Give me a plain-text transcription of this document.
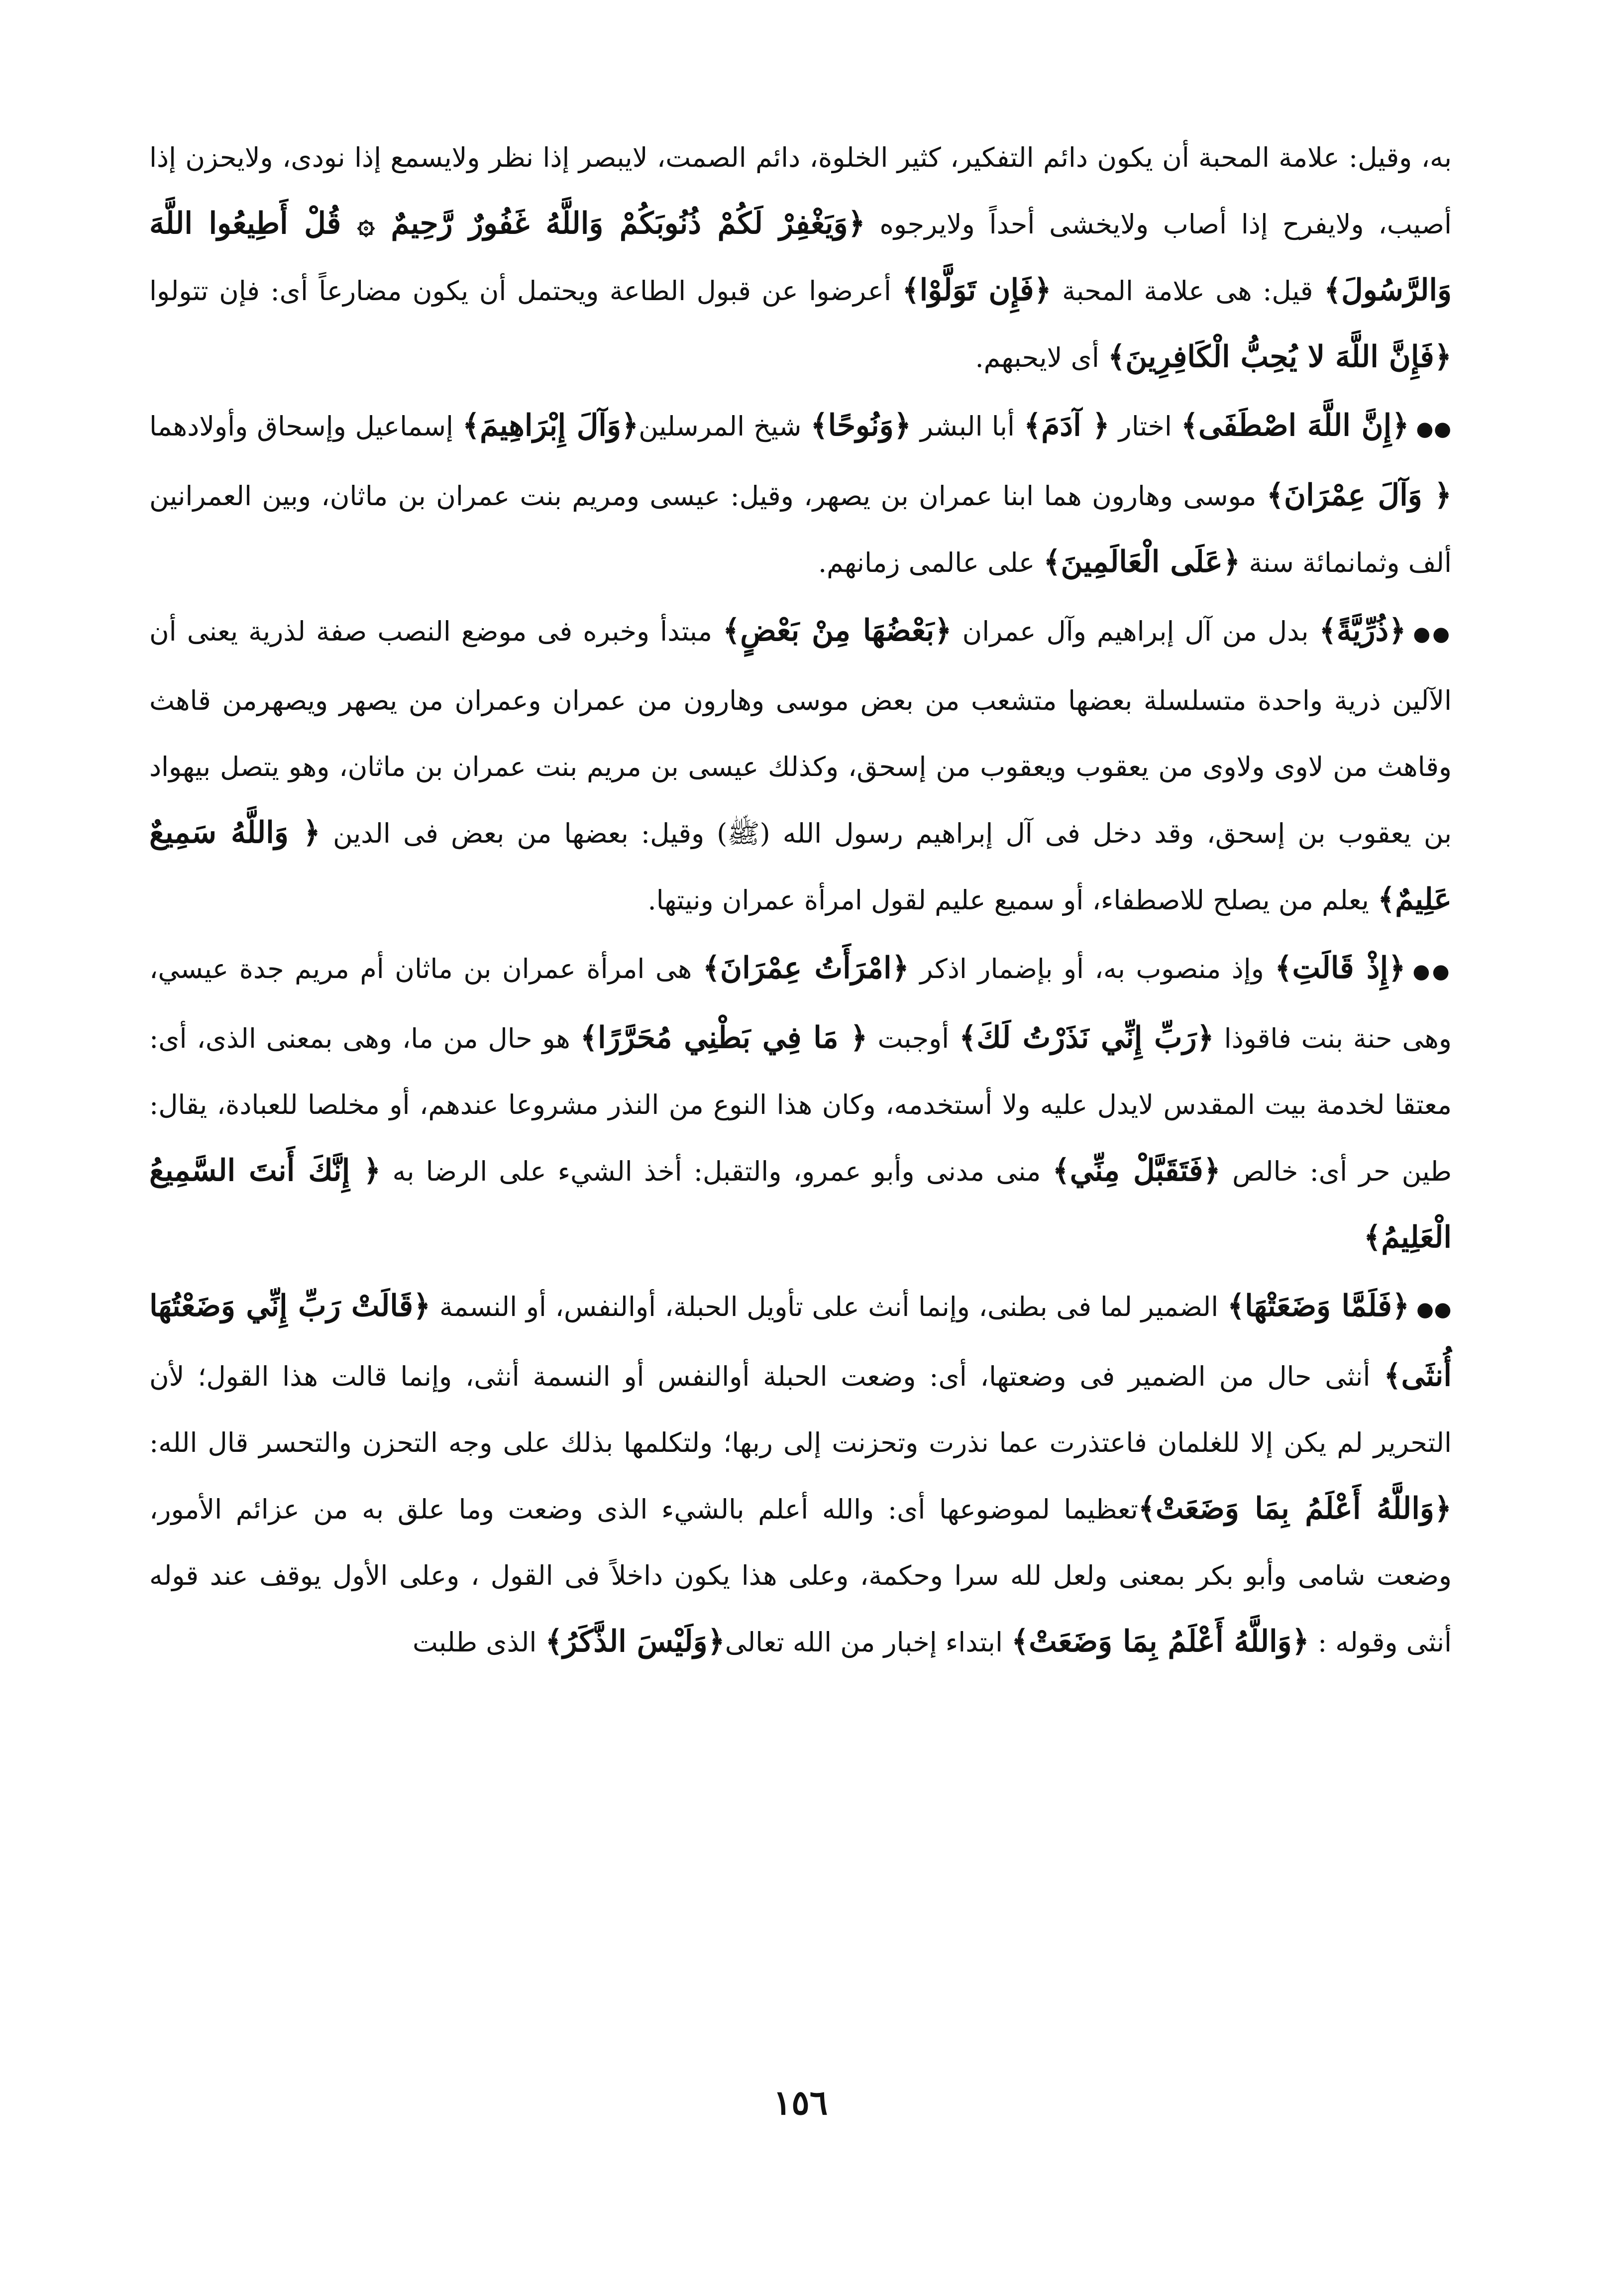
به، وقيل: علامة المحبة أن يكون دائم التفكير، كثير الخلوة، دائم الصمت، لايبصر إذا نظر ولايسمع إذا نودى، ولايحزن إذا أصيب، ولايفرح إذا أصاب ولايخشى أحداً ولايرجوه ﴿وَيَغْفِرْ لَكُمْ ذُنُوبَكُمْ وَاللَّهُ غَفُورٌ رَّحِيمٌ ۞ قُلْ أَطِيعُوا اللَّهَ وَالرَّسُولَ﴾ قيل: هى علامة المحبة ﴿فَإِن تَوَلَّوْا﴾ أعرضوا عن قبول الطاعة ويحتمل أن يكون مضارعاً أى: فإن تتولوا ﴿فَإِنَّ اللَّهَ لا يُحِبُّ الْكَافِرِينَ﴾ أى لايحبهم.

●●﴿إِنَّ اللَّهَ اصْطَفَى﴾ اختار ﴿ آدَمَ﴾ أبا البشر ﴿وَنُوحًا﴾ شيخ المرسلين﴿وَآلَ إِبْرَاهِيمَ﴾ إسماعيل وإسحاق وأولادهما ﴿ وَآلَ عِمْرَانَ﴾ موسى وهارون هما ابنا عمران بن يصهر، وقيل: عيسى ومريم بنت عمران بن ماثان، وبين العمرانين ألف وثمانمائة سنة ﴿عَلَى الْعَالَمِينَ﴾ على عالمى زمانهم.

●●﴿ذُرِّيَّةً﴾ بدل من آل إبراهيم وآل عمران ﴿بَعْضُهَا مِنْ بَعْضٍ﴾ مبتدأ وخبره فى موضع النصب صفة لذرية يعنى أن الآلين ذرية واحدة متسلسلة بعضها متشعب من بعض موسى وهارون من عمران وعمران من يصهر ويصهرمن قاهث وقاهث من لاوى ولاوى من يعقوب ويعقوب من إسحق، وكذلك عيسى بن مريم بنت عمران بن ماثان، وهو يتصل بيهواد بن يعقوب بن إسحق، وقد دخل فى آل إبراهيم رسول الله (ﷺ) وقيل: بعضها من بعض فى الدين ﴿ وَاللَّهُ سَمِيعٌ عَلِيمٌ﴾ يعلم من يصلح للاصطفاء، أو سميع عليم لقول امرأة عمران ونيتها.

●●﴿إِذْ قَالَتِ﴾ وإذ منصوب به، أو بإضمار اذكر ﴿امْرَأَتُ عِمْرَانَ﴾ هى امرأة عمران بن ماثان أم مريم جدة عيسي، وهى حنة بنت فاقوذا ﴿رَبِّ إِنِّي نَذَرْتُ لَكَ﴾ أوجبت ﴿ مَا فِي بَطْنِي مُحَرَّرًا﴾ هو حال من ما، وهى بمعنى الذى، أى: معتقا لخدمة بيت المقدس لايدل عليه ولا أستخدمه، وكان هذا النوع من النذر مشروعا عندهم، أو مخلصا للعبادة، يقال: طين حر أى: خالص ﴿فَتَقَبَّلْ مِنِّي﴾ منى مدنى وأبو عمرو، والتقبل: أخذ الشيء على الرضا به ﴿ إِنَّكَ أَنتَ السَّمِيعُ الْعَلِيمُ﴾

●●﴿فَلَمَّا وَضَعَتْهَا﴾ الضمير لما فى بطنى، وإنما أنث على تأويل الحبلة، أوالنفس، أو النسمة ﴿قَالَتْ رَبِّ إِنِّي وَضَعْتُهَا أُنثَى﴾ أنثى حال من الضمير فى وضعتها، أى: وضعت الحبلة أوالنفس أو النسمة أنثى، وإنما قالت هذا القول؛ لأن التحرير لم يكن إلا للغلمان فاعتذرت عما نذرت وتحزنت إلى ربها؛ ولتكلمها بذلك على وجه التحزن والتحسر قال الله: ﴿وَاللَّهُ أَعْلَمُ بِمَا وَضَعَتْ﴾تعظيما لموضوعها أى: والله أعلم بالشيء الذى وضعت وما علق به من عزائم الأمور، وضعت شامى وأبو بكر بمعنى ولعل لله سرا وحكمة، وعلى هذا يكون داخلاً فى القول ، وعلى الأول يوقف عند قوله أنثى وقوله : ﴿وَاللَّهُ أَعْلَمُ بِمَا وَضَعَتْ﴾ ابتداء إخبار من الله تعالى﴿وَلَيْسَ الذَّكَرُ﴾ الذى طلبت

١٥٦
